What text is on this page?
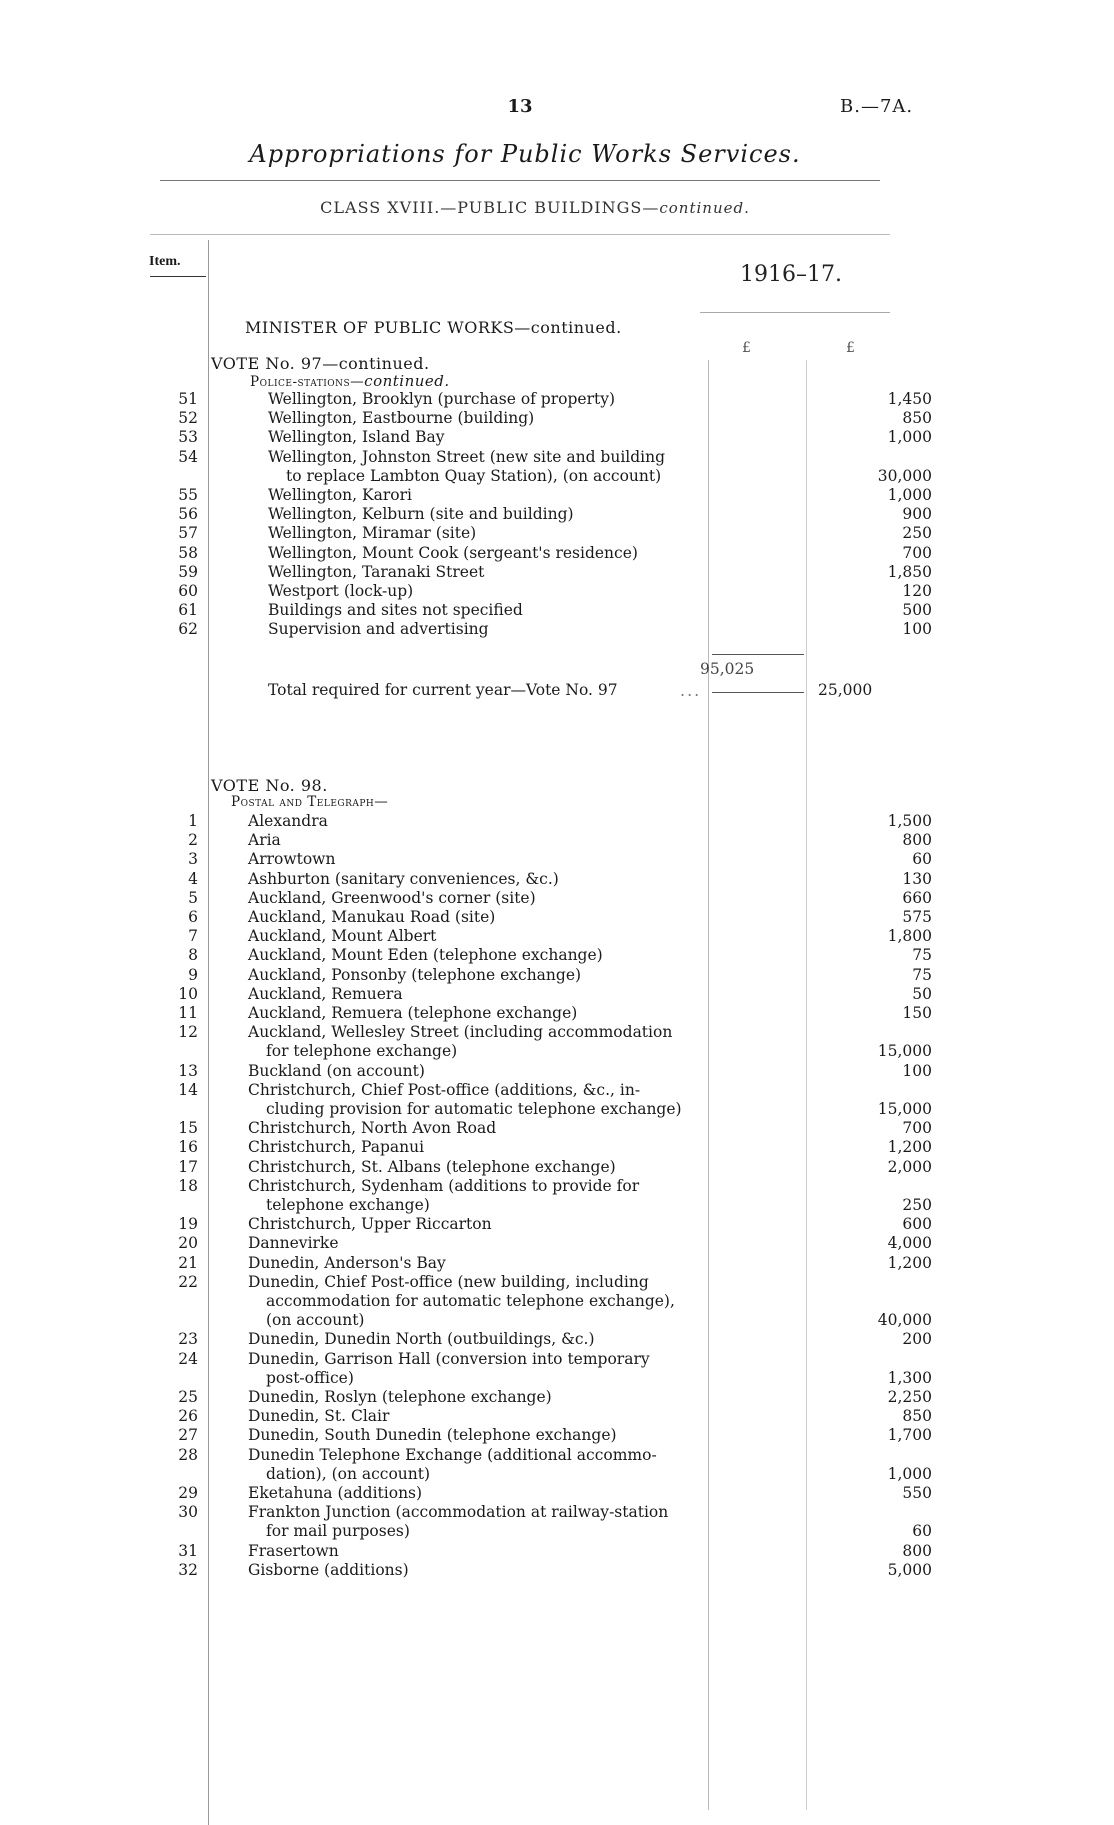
13	B.—7A.
Appropriations for Public Works Services.
CLASS XVIII.—PUBLIC BUILDINGS—continued.
Item.
1916–17.
£	£
MINISTER OF PUBLIC WORKS—continued.
VOTE No. 97—continued.
Police-stations—continued.
51	Wellington, Brooklyn (purchase of property)	1,450
52	Wellington, Eastbourne (building)	850
53	Wellington, Island Bay	1,000
54	Wellington, Johnston Street (new site and building
to replace Lambton Quay Station), (on account)	30,000
55	Wellington, Karori	1,000
56	Wellington, Kelburn (site and building)	900
57	Wellington, Miramar (site)	250
58	Wellington, Mount Cook (sergeant's residence)	700
59	Wellington, Taranaki Street	1,850
60	Westport (lock-up)	120
61	Buildings and sites not specified	500
62	Supervision and advertising	100
95,025
Total required for current year—Vote No. 97	...	25,000
VOTE No. 98.
Postal and Telegraph—
1	Alexandra	1,500
2	Aria	800
3	Arrowtown	60
4	Ashburton (sanitary conveniences, &c.)	130
5	Auckland, Greenwood's corner (site)	660
6	Auckland, Manukau Road (site)	575
7	Auckland, Mount Albert	1,800
8	Auckland, Mount Eden (telephone exchange)	75
9	Auckland, Ponsonby (telephone exchange)	75
10	Auckland, Remuera	50
11	Auckland, Remuera (telephone exchange)	150
12	Auckland, Wellesley Street (including accommodation
for telephone exchange)	15,000
13	Buckland (on account)	100
14	Christchurch, Chief Post-office (additions, &c., in-
cluding provision for automatic telephone exchange)	15,000
15	Christchurch, North Avon Road	700
16	Christchurch, Papanui	1,200
17	Christchurch, St. Albans (telephone exchange)	2,000
18	Christchurch, Sydenham (additions to provide for
telephone exchange)	250
19	Christchurch, Upper Riccarton	600
20	Dannevirke	4,000
21	Dunedin, Anderson's Bay	1,200
22	Dunedin, Chief Post-office (new building, including
accommodation for automatic telephone exchange),
(on account)	40,000
23	Dunedin, Dunedin North (outbuildings, &c.)	200
24	Dunedin, Garrison Hall (conversion into temporary
post-office)	1,300
25	Dunedin, Roslyn (telephone exchange)	2,250
26	Dunedin, St. Clair	850
27	Dunedin, South Dunedin (telephone exchange)	1,700
28	Dunedin Telephone Exchange (additional accommo-
dation), (on account)	1,000
29	Eketahuna (additions)	550
30	Frankton Junction (accommodation at railway-station
for mail purposes)	60
31	Frasertown	800
32	Gisborne (additions)	5,000
